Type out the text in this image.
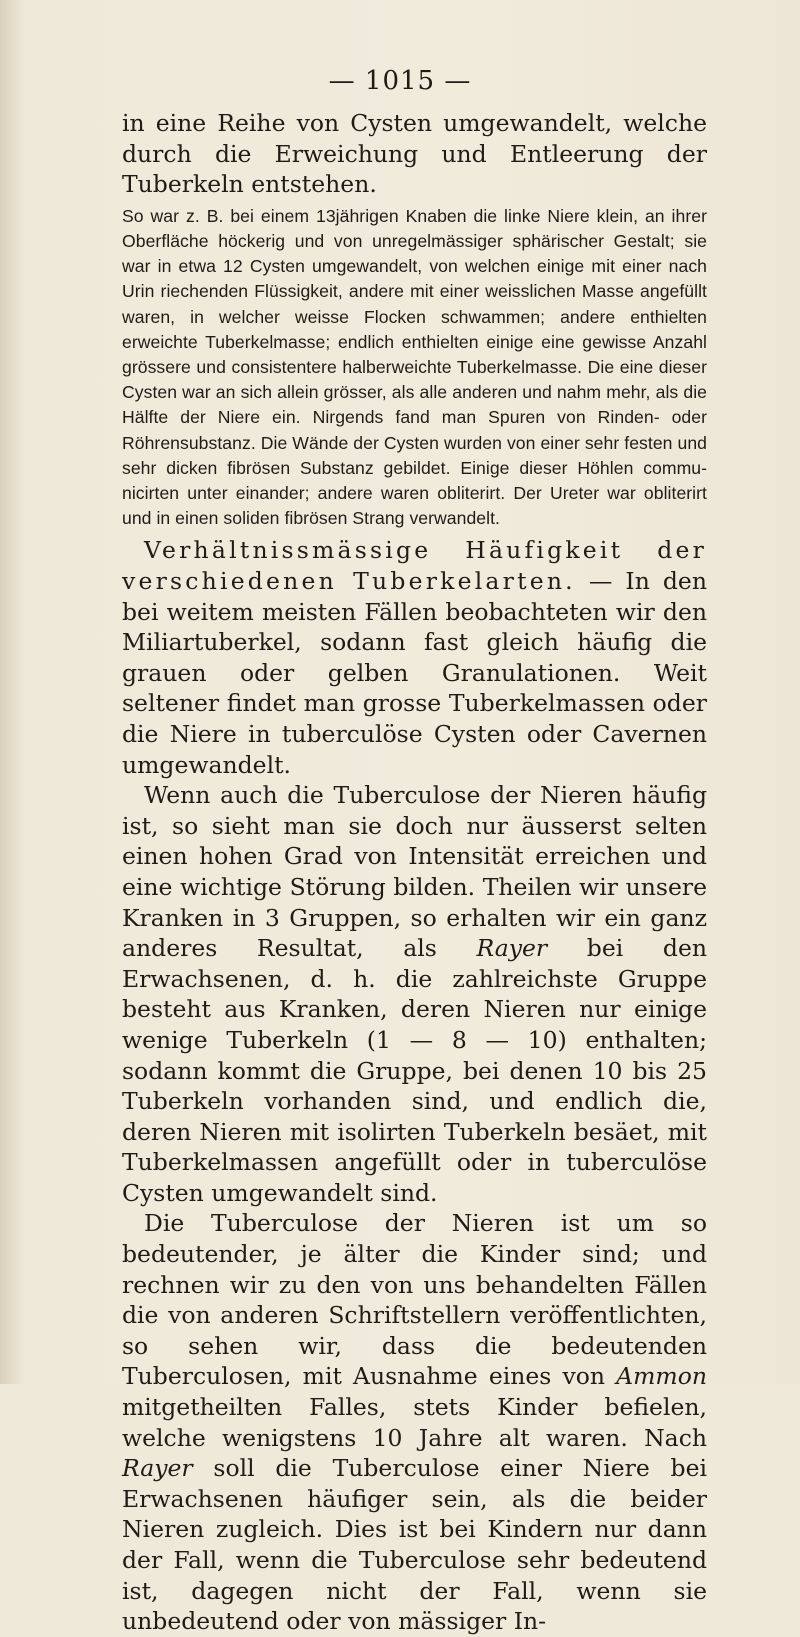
— 1015 —

in eine Reihe von Cysten umgewandelt, welche durch die Erweichung und Entleerung der Tuberkeln entstehen.

So war z. B. bei einem 13jährigen Knaben die linke Niere klein, an ihrer Oberfläche höckerig und von unregelmässiger sphärischer Gestalt; sie war in etwa 12 Cysten umgewandelt, von welchen einige mit einer nach Urin riechenden Flüssigkeit, andere mit einer weisslichen Masse angefüllt waren, in welcher weisse Flocken schwammen; andere enthielten erweichte Tuberkelmasse; endlich enthielten einige eine gewisse Anzahl grössere und consistentere halberweichte Tuberkelmasse. Die eine dieser Cysten war an sich allein grösser, als alle anderen und nahm mehr, als die Hälfte der Niere ein. Nirgends fand man Spuren von Rinden- oder Röhrensubstanz. Die Wände der Cysten wurden von einer sehr festen und sehr dicken fibrösen Substanz gebildet. Einige dieser Höhlen communicirten unter einander; andere waren obliterirt. Der Ureter war obliterirt und in einen soliden fibrösen Strang verwandelt.

Verhältnissmässige Häufigkeit der verschiedenen Tuberkelarten. — In den bei weitem meisten Fällen beobachteten wir den Miliartuberkel, sodann fast gleich häufig die grauen oder gelben Granulationen. Weit seltener findet man grosse Tuberkelmassen oder die Niere in tuberculöse Cysten oder Cavernen umgewandelt.

Wenn auch die Tuberculose der Nieren häufig ist, so sieht man sie doch nur äusserst selten einen hohen Grad von Intensität erreichen und eine wichtige Störung bilden. Theilen wir unsere Kranken in 3 Gruppen, so erhalten wir ein ganz anderes Resultat, als Rayer bei den Erwachsenen, d. h. die zahlreichste Gruppe besteht aus Kranken, deren Nieren nur einige wenige Tuberkeln (1 — 8 — 10) enthalten; sodann kommt die Gruppe, bei denen 10 bis 25 Tuberkeln vorhanden sind, und endlich die, deren Nieren mit isolirten Tuberkeln besäet, mit Tuberkelmassen angefüllt oder in tuberculöse Cysten umgewandelt sind.

Die Tuberculose der Nieren ist um so bedeutender, je älter die Kinder sind; und rechnen wir zu den von uns behandelten Fällen die von anderen Schriftstellern veröffentlichten, so sehen wir, dass die bedeutenden Tuberculosen, mit Ausnahme eines von Ammon mitgetheilten Falles, stets Kinder befielen, welche wenigstens 10 Jahre alt waren. Nach Rayer soll die Tuberculose einer Niere bei Erwachsenen häufiger sein, als die beider Nieren zugleich. Dies ist bei Kindern nur dann der Fall, wenn die Tuberculose sehr bedeutend ist, dagegen nicht der Fall, wenn sie unbedeutend oder von mässiger In-
